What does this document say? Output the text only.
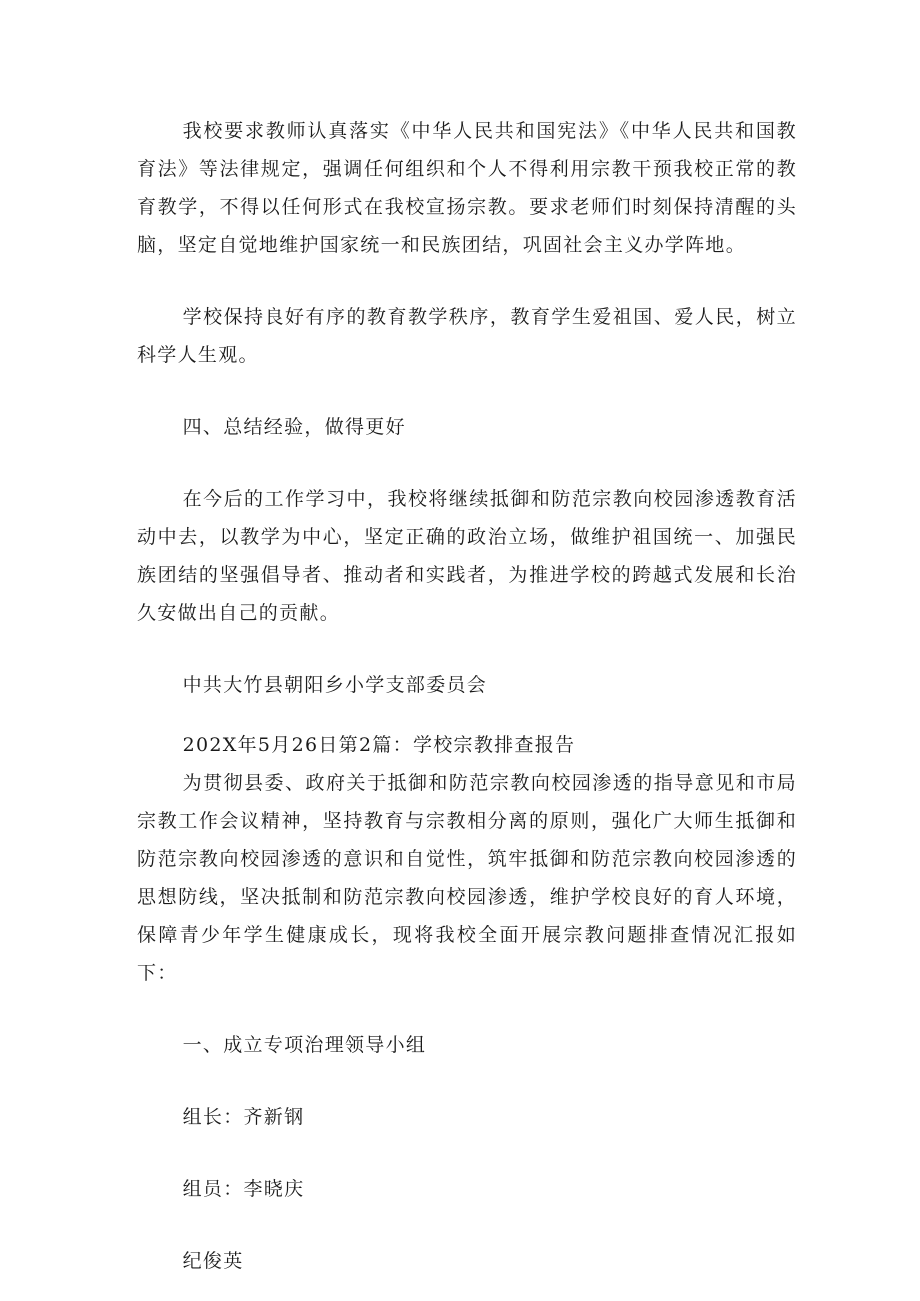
我校要求教师认真落实《中华人民共和国宪法》《中华人民共和国教育法》等法律规定，强调任何组织和个人不得利用宗教干预我校正常的教育教学，不得以任何形式在我校宣扬宗教。要求老师们时刻保持清醒的头脑，坚定自觉地维护国家统一和民族团结，巩固社会主义办学阵地。

学校保持良好有序的教育教学秩序，教育学生爱祖国、爱人民，树立科学人生观。

四、总结经验，做得更好

在今后的工作学习中，我校将继续抵御和防范宗教向校园渗透教育活动中去，以教学为中心，坚定正确的政治立场，做维护祖国统一、加强民族团结的坚强倡导者、推动者和实践者，为推进学校的跨越式发展和长治久安做出自己的贡献。

中共大竹县朝阳乡小学支部委员会

202X年5月26日第2篇：学校宗教排查报告

为贯彻县委、政府关于抵御和防范宗教向校园渗透的指导意见和市局宗教工作会议精神，坚持教育与宗教相分离的原则，强化广大师生抵御和防范宗教向校园渗透的意识和自觉性，筑牢抵御和防范宗教向校园渗透的思想防线，坚决抵制和防范宗教向校园渗透，维护学校良好的育人环境，保障青少年学生健康成长，现将我校全面开展宗教问题排查情况汇报如下：

一、成立专项治理领导小组

组长：齐新钢

组员：李晓庆

纪俊英
